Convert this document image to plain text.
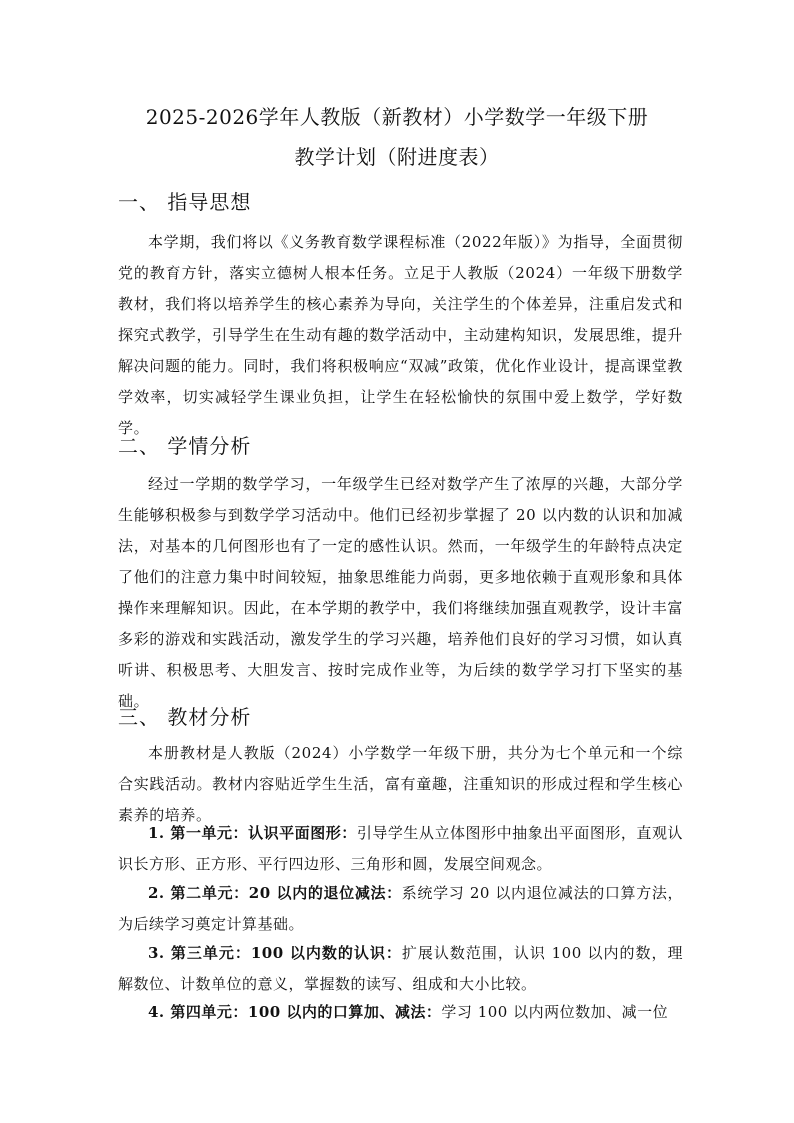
2025-2026学年人教版（新教材）小学数学一年级下册
教学计划（附进度表）
一、 指导思想
本学期，我们将以《义务教育数学课程标准（2022年版）》为指导，全面贯彻党的教育方针，落实立德树人根本任务。立足于人教版（2024）一年级下册数学教材，我们将以培养学生的核心素养为导向，关注学生的个体差异，注重启发式和探究式教学，引导学生在生动有趣的数学活动中，主动建构知识，发展思维，提升解决问题的能力。同时，我们将积极响应“双减”政策，优化作业设计，提高课堂教学效率，切实减轻学生课业负担，让学生在轻松愉快的氛围中爱上数学，学好数学。
二、 学情分析
经过一学期的数学学习，一年级学生已经对数学产生了浓厚的兴趣，大部分学生能够积极参与到数学学习活动中。他们已经初步掌握了 20 以内数的认识和加减法，对基本的几何图形也有了一定的感性认识。然而，一年级学生的年龄特点决定了他们的注意力集中时间较短，抽象思维能力尚弱，更多地依赖于直观形象和具体操作来理解知识。因此，在本学期的教学中，我们将继续加强直观教学，设计丰富多彩的游戏和实践活动，激发学生的学习兴趣，培养他们良好的学习习惯，如认真听讲、积极思考、大胆发言、按时完成作业等，为后续的数学学习打下坚实的基础。
三、 教材分析
本册教材是人教版（2024）小学数学一年级下册，共分为七个单元和一个综合实践活动。教材内容贴近学生生活，富有童趣，注重知识的形成过程和学生核心素养的培养。
1. 第一单元：认识平面图形：引导学生从立体图形中抽象出平面图形，直观认识长方形、正方形、平行四边形、三角形和圆，发展空间观念。
2. 第二单元：20 以内的退位减法：系统学习 20 以内退位减法的口算方法，为后续学习奠定计算基础。
3. 第三单元：100 以内数的认识：扩展认数范围，认识 100 以内的数，理解数位、计数单位的意义，掌握数的读写、组成和大小比较。
4. 第四单元：100 以内的口算加、减法：学习 100 以内两位数加、减一位
